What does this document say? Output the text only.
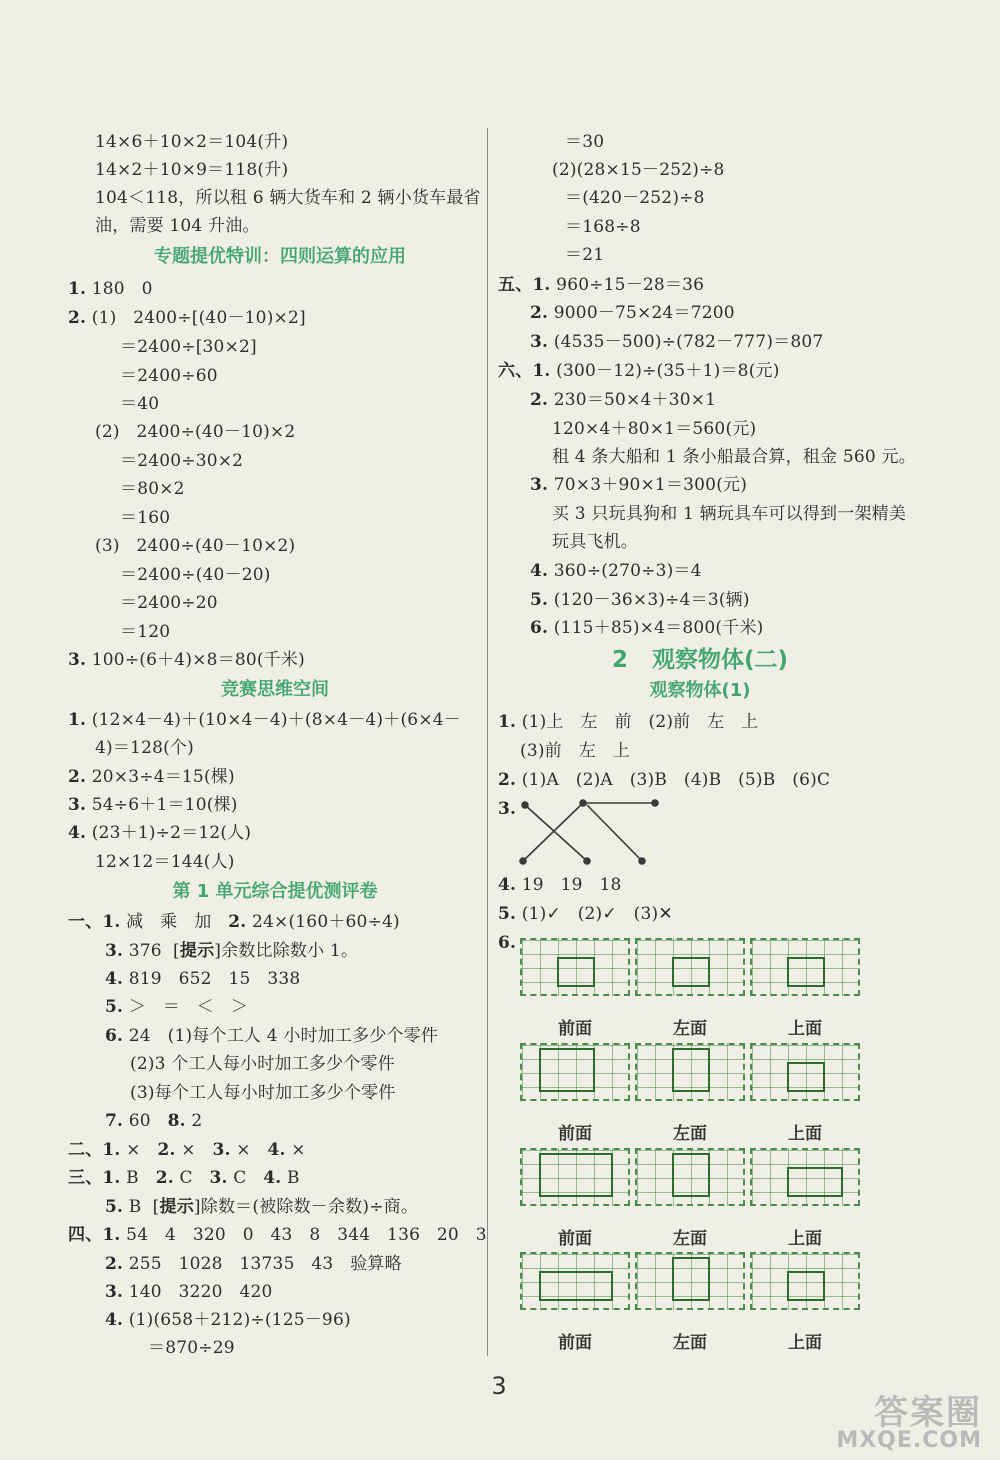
14×6＋10×2＝104(升)
14×2＋10×9＝118(升)
104＜118，所以租 6 辆大货车和 2 辆小货车最省
油，需要 104 升油。
专题提优特训：四则运算的应用
1. 180   0
2. (1)   2400÷[(40－10)×2]
＝2400÷[30×2]
＝2400÷60
＝40
(2)   2400÷(40－10)×2
＝2400÷30×2
＝80×2
＝160
(3)   2400÷(40－10×2)
＝2400÷(40－20)
＝2400÷20
＝120
3. 100÷(6＋4)×8＝80(千米)
竞赛思维空间
1. (12×4－4)＋(10×4－4)＋(8×4－4)＋(6×4－
4)＝128(个)
2. 20×3÷4＝15(棵)
3. 54÷6＋1＝10(棵)
4. (23＋1)÷2＝12(人)
12×12＝144(人)
第 1 单元综合提优测评卷
一、1. 减   乘   加 2. 24×(160＋60÷4)
3. 376  [提示]余数比除数小 1。
4. 819   652   15   338
5. ＞   ＝   ＜   ＞
6. 24   (1)每个工人 4 小时加工多少个零件
(2)3 个工人每小时加工多少个零件
(3)每个工人每小时加工多少个零件
7. 60 8. 2
二、1. × 2. × 3. × 4. ×
三、1. B 2. C 3. C 4. B
5. B  [提示]除数＝(被除数－余数)÷商。
四、1. 54   4   320   0   43   8   344   136   20   3
2. 255   1028   13735   43   验算略
3. 140   3220   420
4. (1)(658＋212)÷(125－96)
＝870÷29
＝30
(2)(28×15－252)÷8
＝(420－252)÷8
＝168÷8
＝21
五、1. 960÷15－28＝36
2. 9000－75×24＝7200
3. (4535－500)÷(782－777)＝807
六、1. (300－12)÷(35＋1)＝8(元)
2. 230＝50×4＋30×1
120×4＋80×1＝560(元)
租 4 条大船和 1 条小船最合算，租金 560 元。
3. 70×3＋90×1＝300(元)
买 3 只玩具狗和 1 辆玩具车可以得到一架精美
玩具飞机。
4. 360÷(270÷3)＝4
5. (120－36×3)÷4＝3(辆)
6. (115＋85)×4＝800(千米)
2   观察物体(二)
观察物体(1)
1. (1)上   左   前   (2)前   左   上
(3)前   左   上
2. (1)A   (2)A   (3)B   (4)B   (5)B   (6)C
3.
4. 19   19   18
5. (1)✓   (2)✓   (3)✕
6.
前面	左面	上面
前面	左面	上面
前面	左面	上面
前面	左面	上面
3
答案圈
MXQE.COM
